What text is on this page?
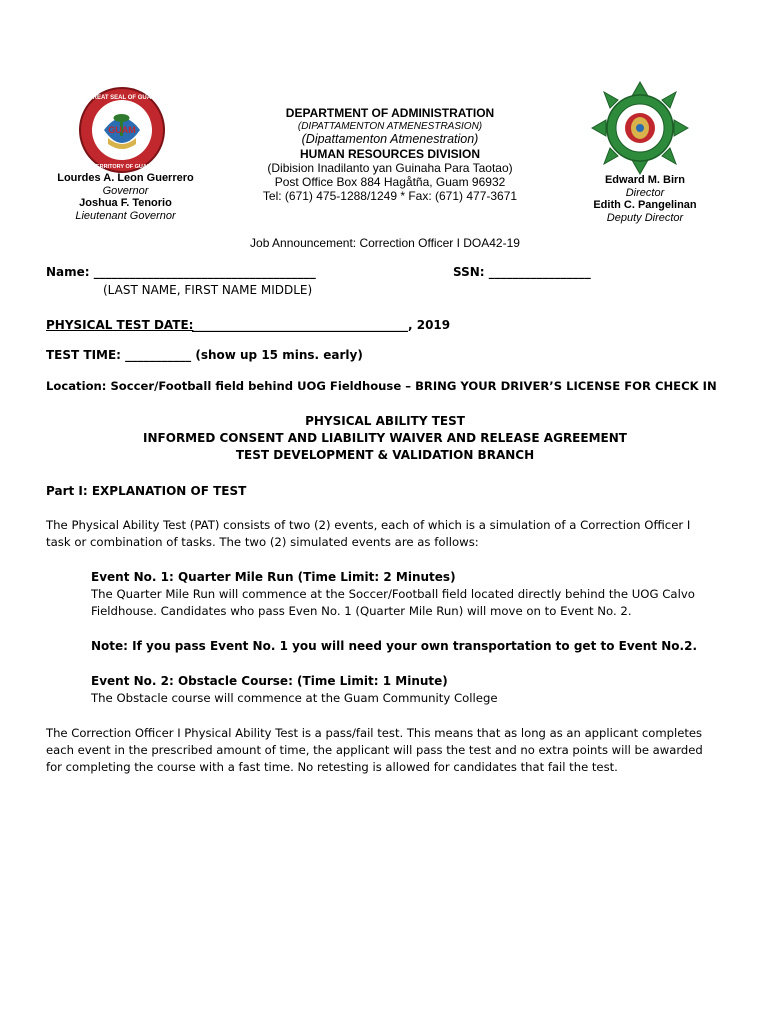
GUAM
GREAT SEAL OF GUAM
TERRITORY OF GUAM
DEPARTMENT OF ADMINISTRATION
(DIPATTAMENTON ATMENESTRASION)
(Dipattamenton Atmenestration)
HUMAN RESOURCES DIVISION
(Dibision Inadilanto yan Guinaha Para Taotao)
Post Office Box 884 Hagåtña, Guam 96932
Tel: (671) 475-1288/1249 * Fax: (671) 477-3671
Lourdes A. Leon Guerrero
Governor
Joshua F. Tenorio
Lieutenant Governor
Edward M. Birn
Director
Edith C. Pangelinan
Deputy Director
Job Announcement: Correction Officer I DOA42-19
Name: _____________________________________	SSN: _________________
(LAST NAME, FIRST NAME MIDDLE)
PHYSICAL TEST DATE:
____________________________________, 2019
TEST TIME: ___________ (show up 15 mins. early)
Location: Soccer/Football field behind UOG Fieldhouse – BRING YOUR DRIVER’S LICENSE FOR CHECK IN
PHYSICAL ABILITY TEST
INFORMED CONSENT AND LIABILITY WAIVER AND RELEASE AGREEMENT
TEST DEVELOPMENT & VALIDATION BRANCH
Part I: EXPLANATION OF TEST
The Physical Ability Test (PAT) consists of two (2) events, each of which is a simulation of a Correction Officer I
task or combination of tasks. The two (2) simulated events are as follows:
Event No. 1: Quarter Mile Run (Time Limit: 2 Minutes)
The Quarter Mile Run will commence at the Soccer/Football field located directly behind the UOG Calvo
Fieldhouse. Candidates who pass Even No. 1 (Quarter Mile Run) will move on to Event No. 2.
Note: If you pass Event No. 1 you will need your own transportation to get to Event No.2.
Event No. 2: Obstacle Course: (Time Limit: 1 Minute)
The Obstacle course will commence at the Guam Community College
The Correction Officer I Physical Ability Test is a pass/fail test. This means that as long as an applicant completes
each event in the prescribed amount of time, the applicant will pass the test and no extra points will be awarded
for completing the course with a fast time. No retesting is allowed for candidates that fail the test.
